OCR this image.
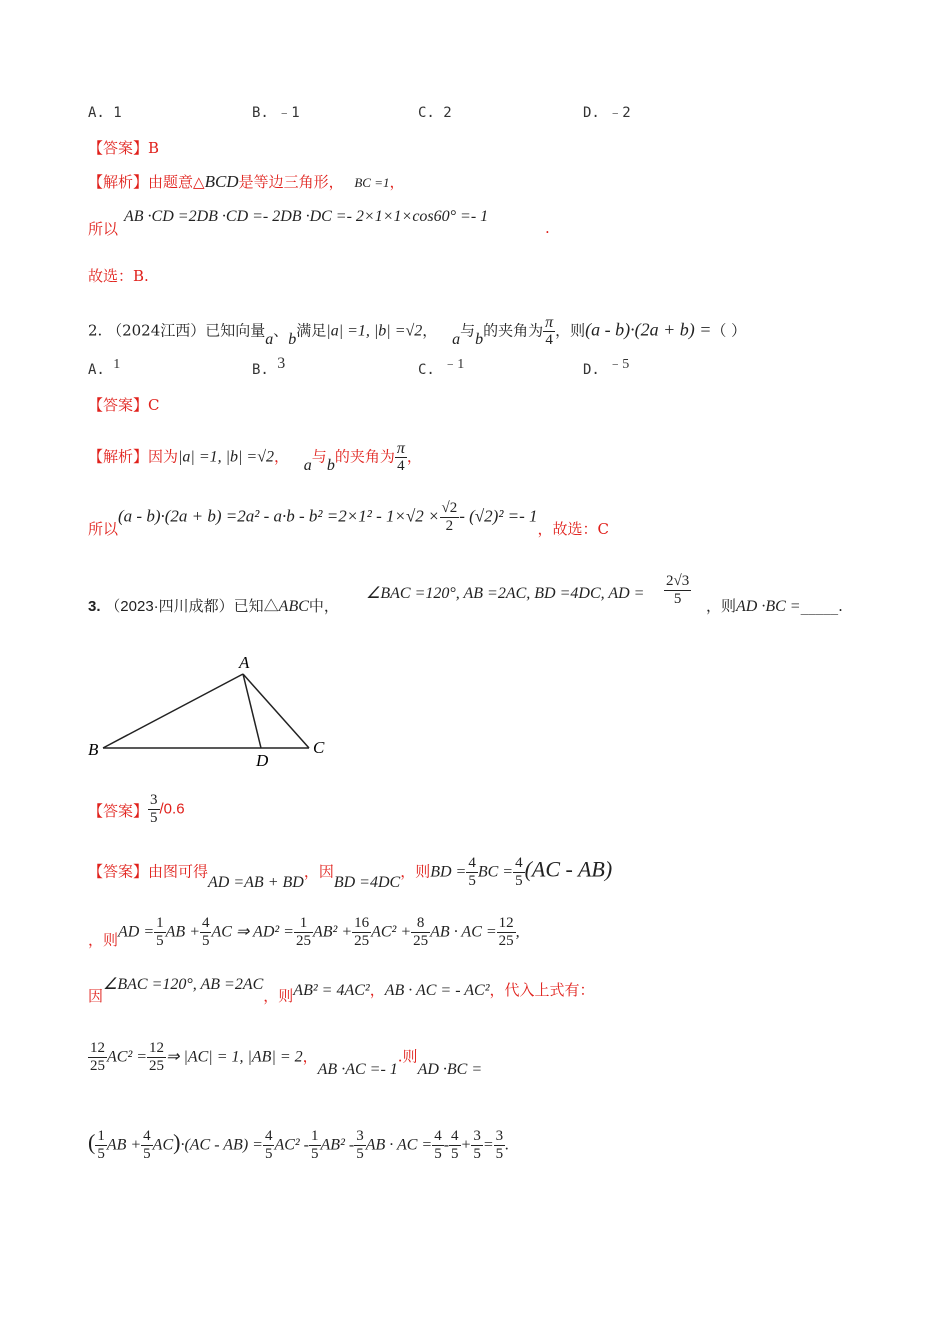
A. 1	B. ﹣1	C. 2	D. ﹣2
【答案】B
【解析】由题意△BCD是等边三角形， BC =1，
所以
AB ·CD =2DB ·CD =- 2DB ·DC =- 2×1×1×cos60° =- 1
.
故选：B.
2. （2024江西）已知向量a、b满足|a| =1, |b| =√2， a与b的夹角为 $\frac{\pi}{4}$ ，则(a - b)·(2a + b) =（ ）
A. 1	B. 3	C. ﹣1	D. ﹣5
【答案】C
【解析】因为|a| =1, |b| =√2， a与b的夹角为 $\frac{\pi}{4}$ ，
所以$(a - b)\cdot(2a + b) =2a^2 - a\cdot b - b^2 =2\times 1^2 - 1\times√2 \times \frac{√2}{2} - (√2)^2 =- 1$，故选：C
3. （2023·四川成都）已知△ABC中，
∠BAC =120°, AB =2AC, BD =4DC, AD = $\frac{2√3}{5}$ ，则AD ·BC =_____.
A
B	C
D
【答案】 $\frac{3}{5} /0.6$
【答案】由图可得AD =AB + BD，因BD =4DC，则BD = $\frac{4}{5}$ BC = $\frac{4}{5} (AC - AB)$
，则AD = $\frac{1}{5}$ AB + $\frac{4}{5}$ AC ⇒ $AD^2 = \frac{1}{25} AB^2 + \frac{16}{25} AC^2 + \frac{8}{25}$ AB · AC = $\frac{12}{25}$ ,
因∠BAC =120°, AB =2AC，则AB² = 4AC²，AB · AC = - AC²，代入上式有：
$\frac{12}{25} AC^2 = \frac{12}{25}$ ⇒ |AC| = 1, |AB| = 2，AB ·AC =- 1.则AD ·BC =
( $\frac{1}{5}$ AB + $\frac{4}{5} AC)\cdot(AC - AB) = \frac{4}{5} AC^2 - \frac{1}{5} AB^2 - \frac{3}{5}$ AB · AC = $\frac{4}{5} - \frac{4}{5} + \frac{3}{5} = \frac{3}{5}$ .
